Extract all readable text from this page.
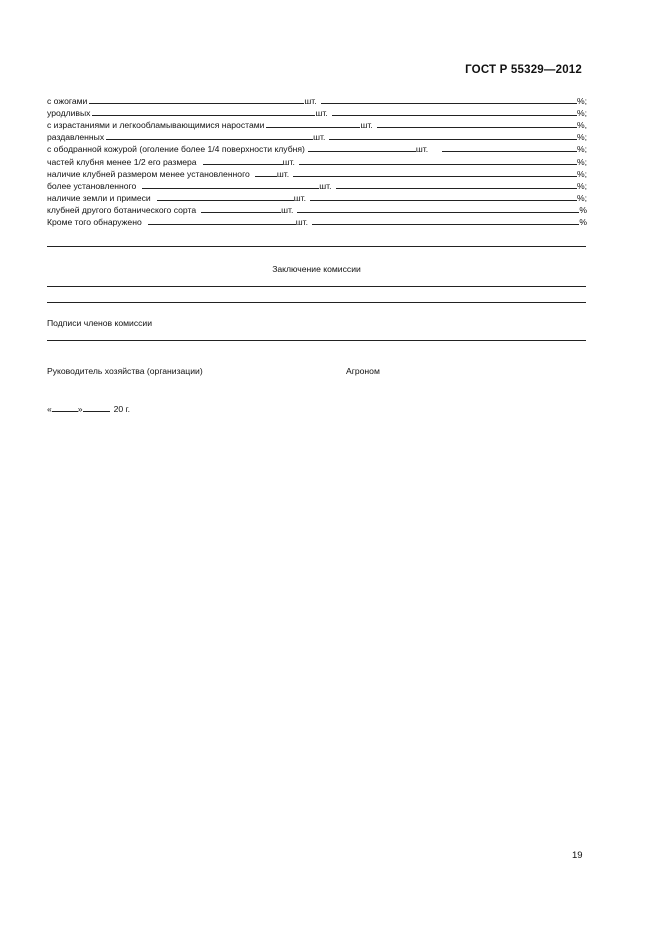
ГОСТ Р 55329—2012
с ожогами	шт.	%;
уродливых	шт.	%;
с израстаниями и легкообламывающимися наростами	шт.	%,
раздавленных	шт.	%;
с ободранной кожурой (оголение более 1/4 поверхности клубня)	шт.	%;
частей клубня менее 1/2 его размера	шт.	%;
наличие клубней размером менее установленного	шт.	%;
более установленного	шт.	%;
наличие земли и примеси	шт.	%;
клубней другого ботанического сорта	шт.	%
Кроме того обнаружено	шт.	%
Заключение комиссии
Подписи членов комиссии
Руководитель хозяйства (организации)	Агроном
«	»	20 г.
19
